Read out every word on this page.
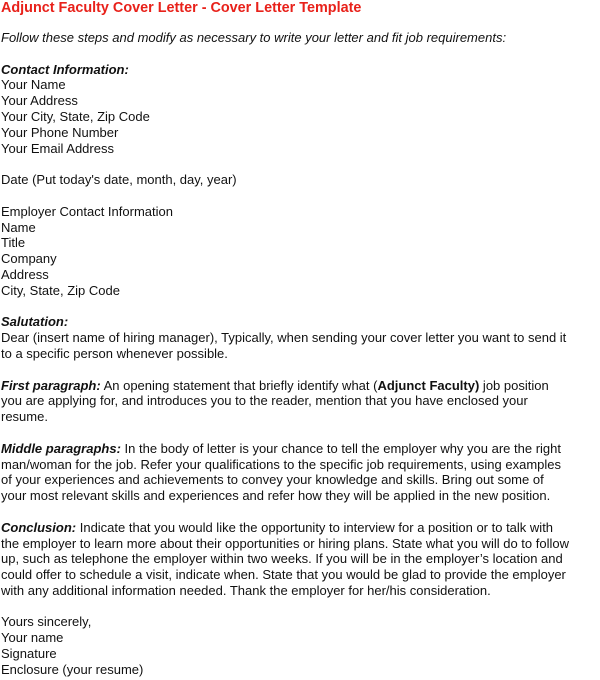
Adjunct Faculty Cover Letter - Cover Letter Template
Follow these steps and modify as necessary to write your letter and fit job requirements:
Contact Information:
Your Name
Your Address
Your City, State, Zip Code
Your Phone Number
Your Email Address
Date (Put today's date, month, day, year)
Employer Contact Information
Name
Title
Company
Address
City, State, Zip Code
Salutation:
Dear (insert name of hiring manager), Typically, when sending your cover letter you want to send it
to a specific person whenever possible.
First paragraph: An opening statement that briefly identify what (Adjunct Faculty) job position
you are applying for, and introduces you to the reader, mention that you have enclosed your
resume.
Middle paragraphs: In the body of letter is your chance to tell the employer why you are the right
man/woman for the job. Refer your qualifications to the specific job requirements, using examples
of your experiences and achievements to convey your knowledge and skills. Bring out some of
your most relevant skills and experiences and refer how they will be applied in the new position.
Conclusion: Indicate that you would like the opportunity to interview for a position or to talk with
the employer to learn more about their opportunities or hiring plans. State what you will do to follow
up, such as telephone the employer within two weeks. If you will be in the employer’s location and
could offer to schedule a visit, indicate when. State that you would be glad to provide the employer
with any additional information needed. Thank the employer for her/his consideration.
Yours sincerely,
Your name
Signature
Enclosure (your resume)
